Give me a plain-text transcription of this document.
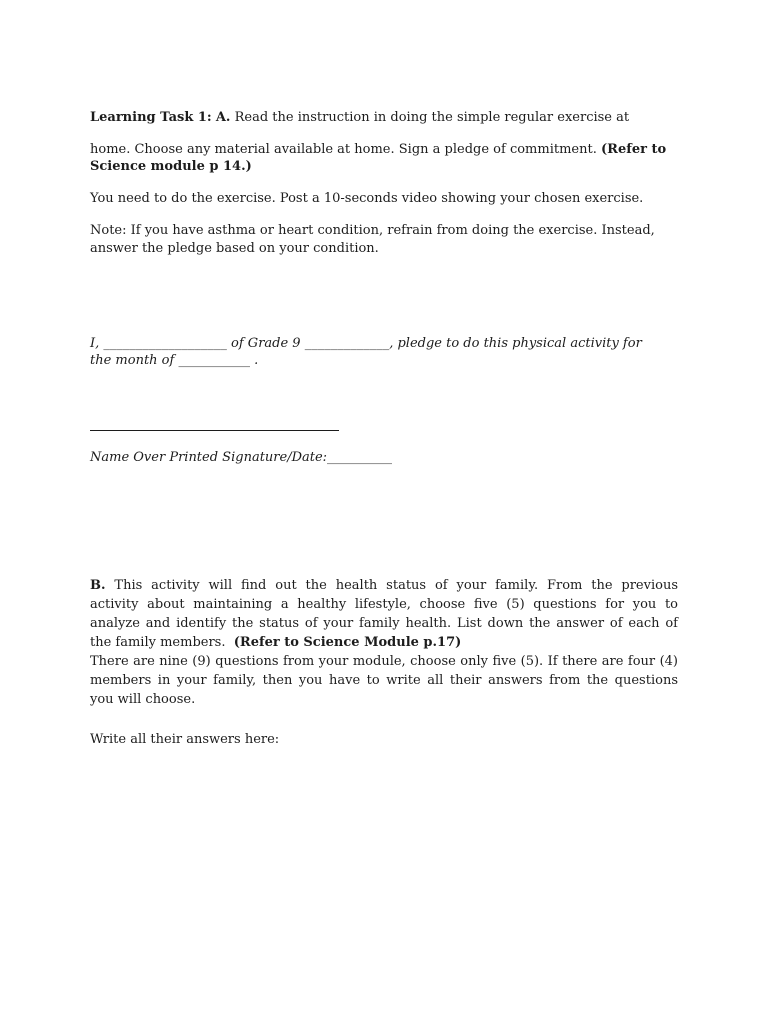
Learning Task 1: A. Read the instruction in doing the simple regular exercise at
home. Choose any material available at home. Sign a pledge of commitment. (Refer to
Science module p 14.)
You need to do the exercise. Post a 10-seconds video showing your chosen exercise.
Note: If you have asthma or heart condition, refrain from doing the exercise. Instead,
answer the pledge based on your condition.
I, ___________________ of Grade 9 _____________, pledge to do this physical activity for
the month of ___________ .
Name Over Printed Signature/Date:__________
B. This activity will find out the health status of your family. From the previous
activity about maintaining a healthy lifestyle, choose five (5) questions for you to
analyze and identify the status of your family health. List down the answer of each of
the family members. (Refer to Science Module p.17)
There are nine (9) questions from your module, choose only five (5). If there are four (4)
members in your family, then you have to write all their answers from the questions
you will choose.
Write all their answers here:
